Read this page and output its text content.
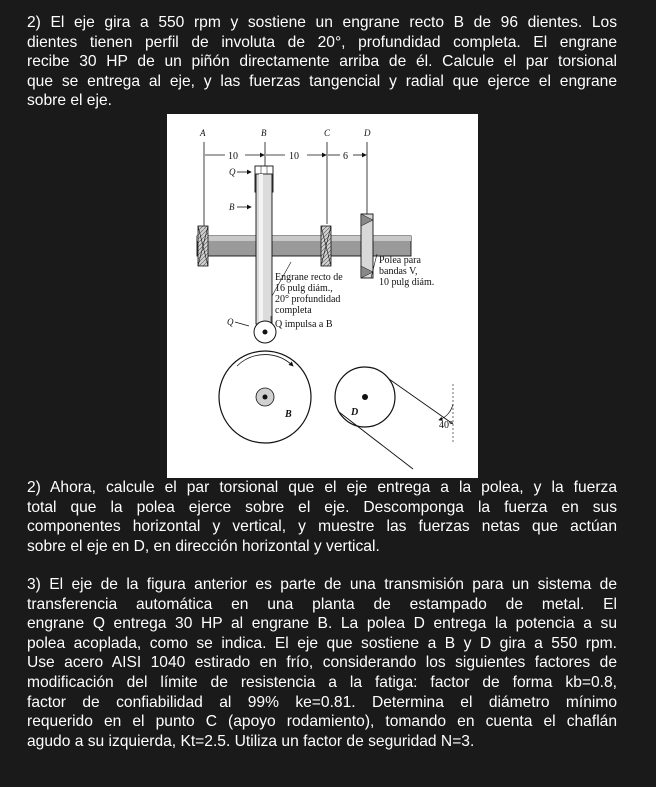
2) El eje gira a 550 rpm y sostiene un engrane recto B de 96 dientes. Los
dientes tienen perfil de involuta de 20°, profundidad completa. El engrane
recibe 30 HP de un piñón directamente arriba de él. Calcule el par torsional
que se entrega al eje, y las fuerzas tangencial y radial que ejerce el engrane
sobre el eje.
A	B	C	D
10	10	6
Q
B
Engrane recto de
16 pulg diám.,
20° profundidad
completa
Q impulsa a B
Polea para
bandas V,
10 pulg diám.
Q
B	D
40°
2) Ahora, calcule el par torsional que el eje entrega a la polea, y la fuerza
total que la polea ejerce sobre el eje. Descomponga la fuerza en sus
componentes horizontal y vertical, y muestre las fuerzas netas que actúan
sobre el eje en D, en dirección horizontal y vertical.
3) El eje de la figura anterior es parte de una transmisión para un sistema de
transferencia automática en una planta de estampado de metal. El
engrane Q entrega 30 HP al engrane B. La polea D entrega la potencia a su
polea acoplada, como se indica. El eje que sostiene a B y D gira a 550 rpm.
Use acero AISI 1040 estirado en frío, considerando los siguientes factores de
modificación del límite de resistencia a la fatiga: factor de forma kb=0.8,
factor de confiabilidad al 99% ke=0.81. Determina el diámetro mínimo
requerido en el punto C (apoyo rodamiento), tomando en cuenta el chaflán
agudo a su izquierda, Kt=2.5. Utiliza un factor de seguridad N=3.
